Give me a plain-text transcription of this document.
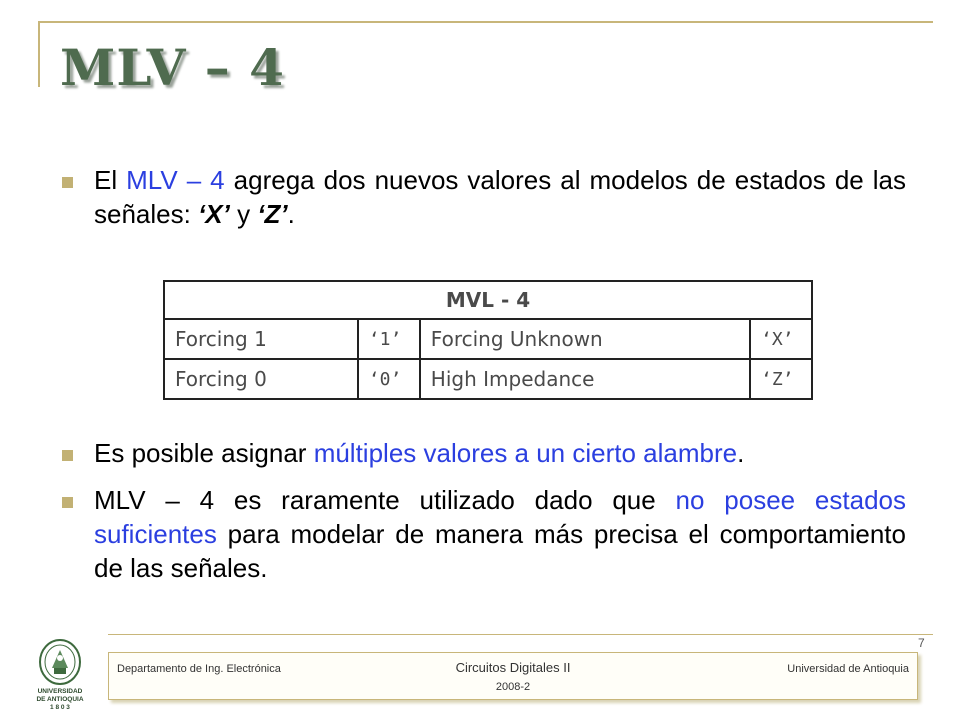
MLV – 4
El MLV – 4 agrega dos nuevos valores al modelos de estados de las señales: ‘X’ y ‘Z’.
Es posible asignar múltiples valores a un cierto alambre.
MLV – 4 es raramente utilizado dado que no posee estados suficientes para modelar de manera más precisa el comportamiento de las señales.
MVL - 4			
Forcing 1	‘1’	Forcing Unknown	‘X’
Forcing 0	‘0’	High Impedance	‘Z’
7
UNIVERSIDAD
DE ANTIOQUIA
1 8 0 3
Departamento de Ing. Electrónica	Circuitos Digitales II
2008-2
Universidad de Antioquia
